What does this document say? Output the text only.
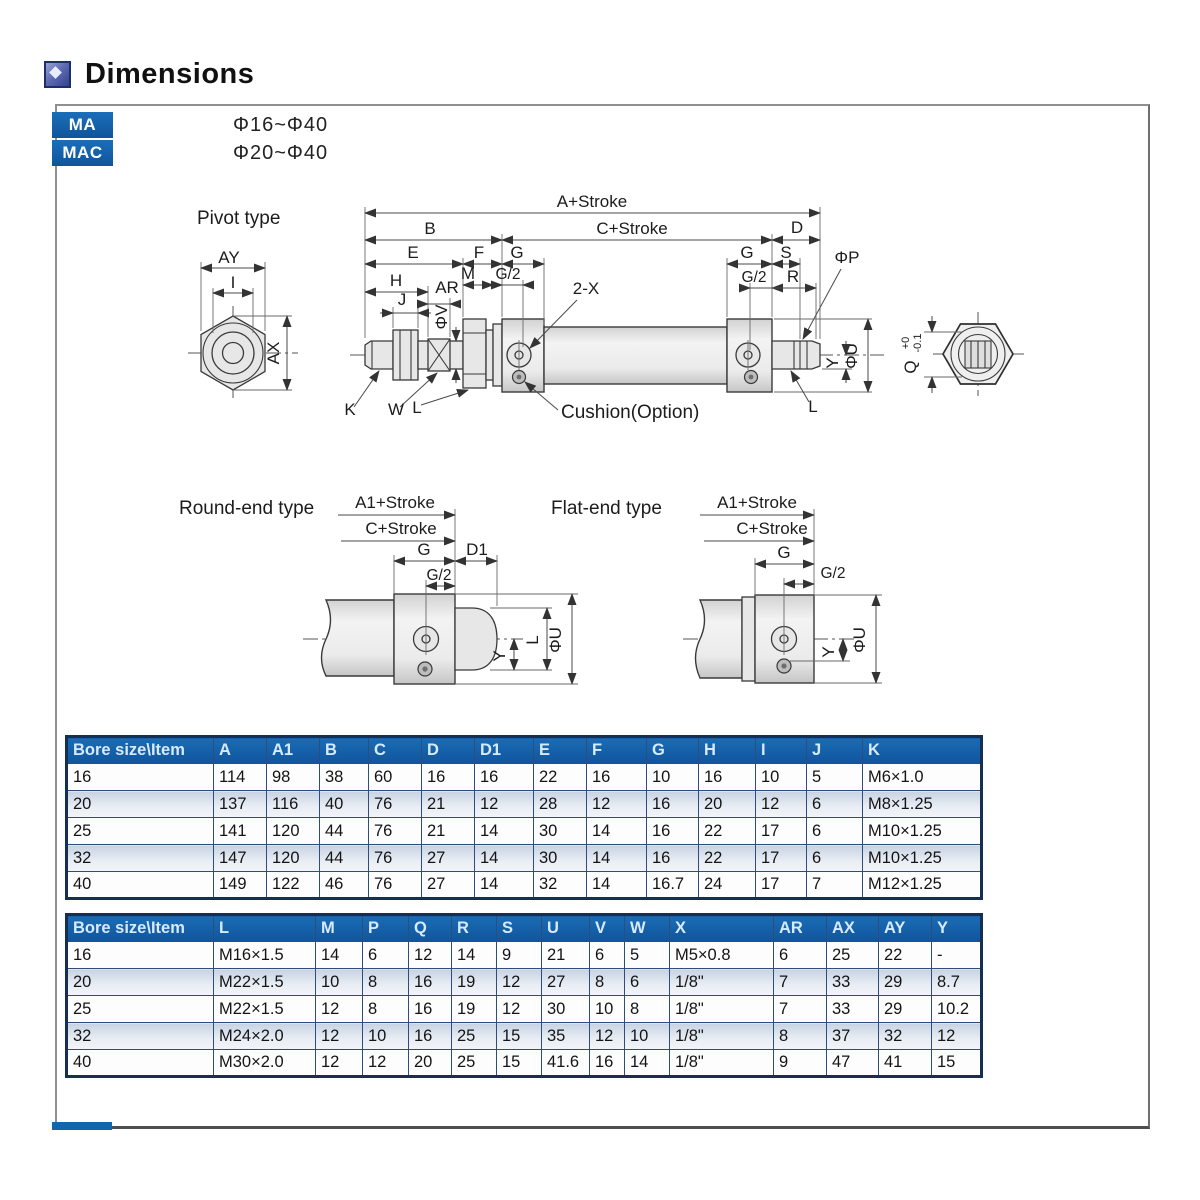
Dimensions
MA	Φ16~Φ40
MAC	Φ20~Φ40
Pivot type
AY
I
AX
A+Stroke
B	C+Stroke	D
E	F G	G S
M G/2	G/2 R
H AR
J
ΦV
K W L	Cushion(Option)
2-X
ΦP
ΦU
Y
L
Q
+0 -0.1
Round-end type A1+Stroke
C+Stroke
G D1
G/2
L
Y
ΦU
Flat-end type	A1+Stroke
C+Stroke
G
G/2
Y ΦU
Bore size\Item	A	A1	B	C	D	D1	E	F	G	H	I	J	K
16	114	98	38	60	16	16	22	16	10	16	10	5	M6×1.0
20	137	116	40	76	21	12	28	12	16	20	12	6	M8×1.25
25	141	120	44	76	21	14	30	14	16	22	17	6	M10×1.25
32	147	120	44	76	27	14	30	14	16	22	17	6	M10×1.25
40	149	122	46	76	27	14	32	14	16.7	24	17	7	M12×1.25
Bore size\Item	L	M	P	Q	R	S	U	V	W	X	AR	AX	AY	Y
16	M16×1.5	14	6	12	14	9	21	6	5	M5×0.8	6	25	22	-
20	M22×1.5	10	8	16	19	12	27	8	6	1/8"	7	33	29	8.7
25	M22×1.5	12	8	16	19	12	30	10	8	1/8"	7	33	29	10.2
32	M24×2.0	12	10	16	25	15	35	12	10	1/8"	8	37	32	12
40	M30×2.0	12	12	20	25	15	41.6	16	14	1/8"	9	47	41	15
